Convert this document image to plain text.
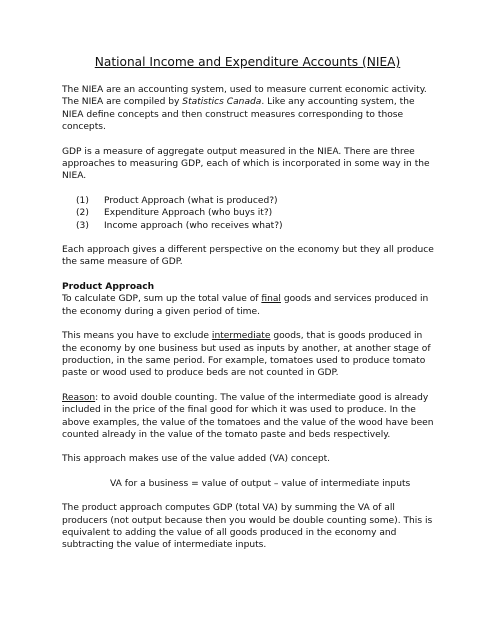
National Income and Expenditure Accounts (NIEA)

The NIEA are an accounting system, used to measure current economic activity. The NIEA are compiled by Statistics Canada. Like any accounting system, the NIEA define concepts and then construct measures corresponding to those concepts.

GDP is a measure of aggregate output measured in the NIEA. There are three approaches to measuring GDP, each of which is incorporated in some way in the NIEA.

(1)	Product Approach (what is produced?)
(2)	Expenditure Approach (who buys it?)
(3)	Income approach (who receives what?)

Each approach gives a different perspective on the economy but they all produce the same measure of GDP.

Product Approach

To calculate GDP, sum up the total value of final goods and services produced in the economy during a given period of time.

This means you have to exclude intermediate goods, that is goods produced in the economy by one business but used as inputs by another, at another stage of production, in the same period. For example, tomatoes used to produce tomato paste or wood used to produce beds are not counted in GDP.

Reason: to avoid double counting. The value of the intermediate good is already included in the price of the final good for which it was used to produce. In the above examples, the value of the tomatoes and the value of the wood have been counted already in the value of the tomato paste and beds respectively.

This approach makes use of the value added (VA) concept.

VA for a business = value of output – value of intermediate inputs

The product approach computes GDP (total VA) by summing the VA of all producers (not output because then you would be double counting some). This is equivalent to adding the value of all goods produced in the economy and subtracting the value of intermediate inputs.
